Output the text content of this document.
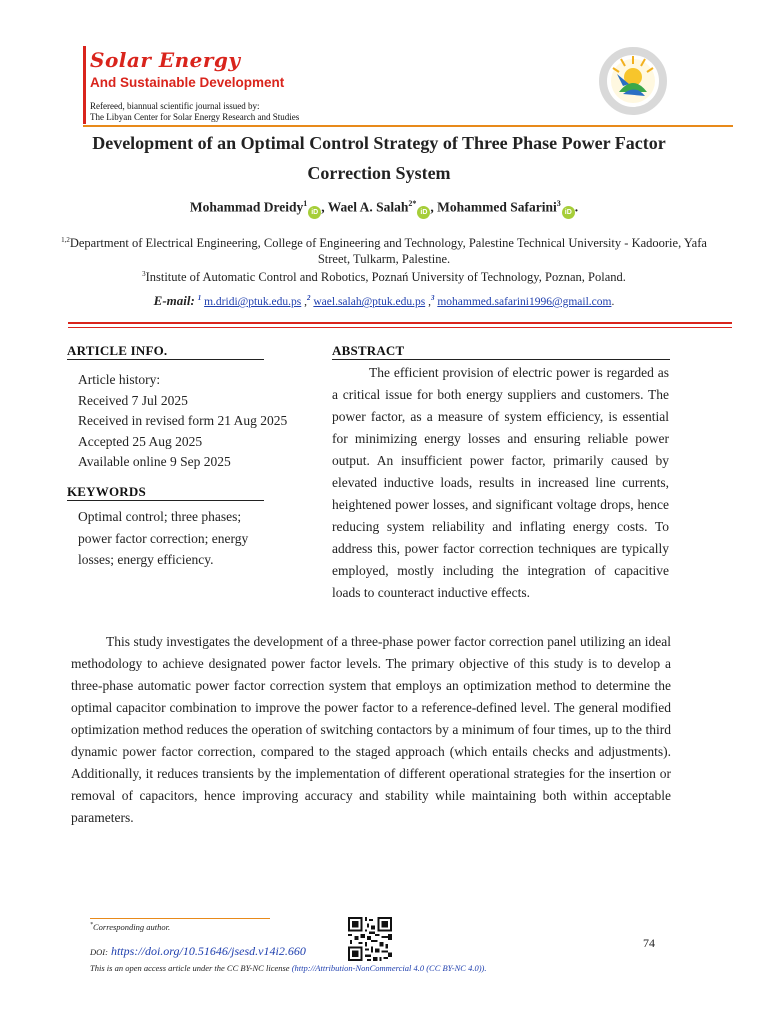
Solar Energy
And Sustainable Development
Refereed, biannual scientific journal issued by:
The Libyan Center for Solar Energy Research and Studies
Development of an Optimal Control Strategy of Three Phase Power Factor Correction System
Mohammad Dreidy$^1$iD , Wael A. Salah$^{2*}$iD , Mohammed Safarini$^3$iD .
$^{1,2}$Department of Electrical Engineering, College of Engineering and Technology, Palestine Technical University - Kadoorie, Yafa Street, Tulkarm, Palestine.
$^3$Institute of Automatic Control and Robotics, Poznań University of Technology, Poznan, Poland.
E-mail: $^1$ m.dridi@ptuk.edu.ps ,$^2$ wael.salah@ptuk.edu.ps ,$^3$ mohammed.safarini1996@gmail.com.
ARTICLE INFO.
Article history:
Received 7 Jul 2025
Received in revised form 21 Aug 2025
Accepted 25 Aug 2025
Available online 9 Sep 2025
KEYWORDS
Optimal control; three phases; power factor correction; energy losses; energy efficiency.
ABSTRACT
The efficient provision of electric power is regarded as a critical issue for both energy suppliers and customers. The power factor, as a measure of system efficiency, is essential for minimizing energy losses and ensuring reliable power output. An insufficient power factor, primarily caused by elevated inductive loads, results in increased line currents, heightened power losses, and significant voltage drops, hence reducing system reliability and inflating energy costs. To address this, power factor correction techniques are typically employed, mostly including the integration of capacitive loads to counteract inductive effects.
This study investigates the development of a three-phase power factor correction panel utilizing an ideal methodology to achieve designated power factor levels. The primary objective of this study is to develop a three-phase automatic power factor correction system that employs an optimization method to determine the optimal capacitor combination to improve the power factor to a reference-defined level. The general modified optimization method reduces the operation of switching contactors by a minimum of four times, up to the third dynamic power factor correction, compared to the staged approach (which entails checks and adjustments). Additionally, it reduces transients by the implementation of different operational strategies for the insertion or removal of capacitors, hence improving accuracy and stability while maintaining both within acceptable parameters.
*Corresponding author.
DOI: https://doi.org/10.51646/jsesd.v14i2.660
This is an open access article under the CC BY-NC license (http://Attribution-NonCommercial 4.0 (CC BY-NC 4.0)).
74
